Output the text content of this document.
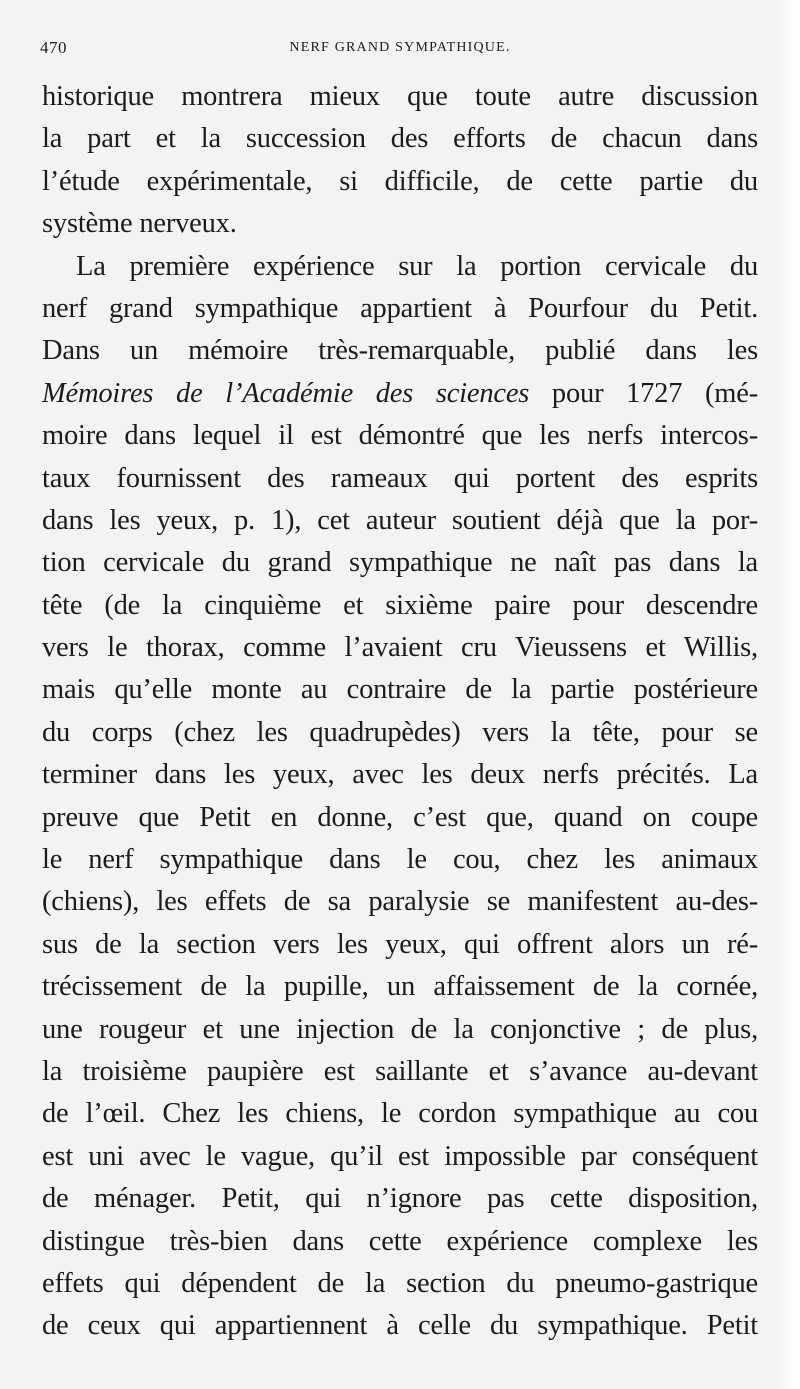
470	NERF GRAND SYMPATHIQUE.
historique montrera mieux que toute autre discussion
la part et la succession des efforts de chacun dans
l’étude expérimentale, si difficile, de cette partie du
système nerveux.
La première expérience sur la portion cervicale du
nerf grand sympathique appartient à Pourfour du Petit.
Dans un mémoire très-remarquable, publié dans les
Mémoires de l’Académie des sciences pour 1727 (mé-
moire dans lequel il est démontré que les nerfs intercos-
taux fournissent des rameaux qui portent des esprits
dans les yeux, p. 1), cet auteur soutient déjà que la por-
tion cervicale du grand sympathique ne naît pas dans la
tête (de la cinquième et sixième paire pour descendre
vers le thorax, comme l’avaient cru Vieussens et Willis,
mais qu’elle monte au contraire de la partie postérieure
du corps (chez les quadrupèdes) vers la tête, pour se
terminer dans les yeux, avec les deux nerfs précités. La
preuve que Petit en donne, c’est que, quand on coupe
le nerf sympathique dans le cou, chez les animaux
(chiens), les effets de sa paralysie se manifestent au-des-
sus de la section vers les yeux, qui offrent alors un ré-
trécissement de la pupille, un affaissement de la cornée,
une rougeur et une injection de la conjonctive ; de plus,
la troisième paupière est saillante et s’avance au-devant
de l’œil. Chez les chiens, le cordon sympathique au cou
est uni avec le vague, qu’il est impossible par conséquent
de ménager. Petit, qui n’ignore pas cette disposition,
distingue très-bien dans cette expérience complexe les
effets qui dépendent de la section du pneumo-gastrique
de ceux qui appartiennent à celle du sympathique. Petit
